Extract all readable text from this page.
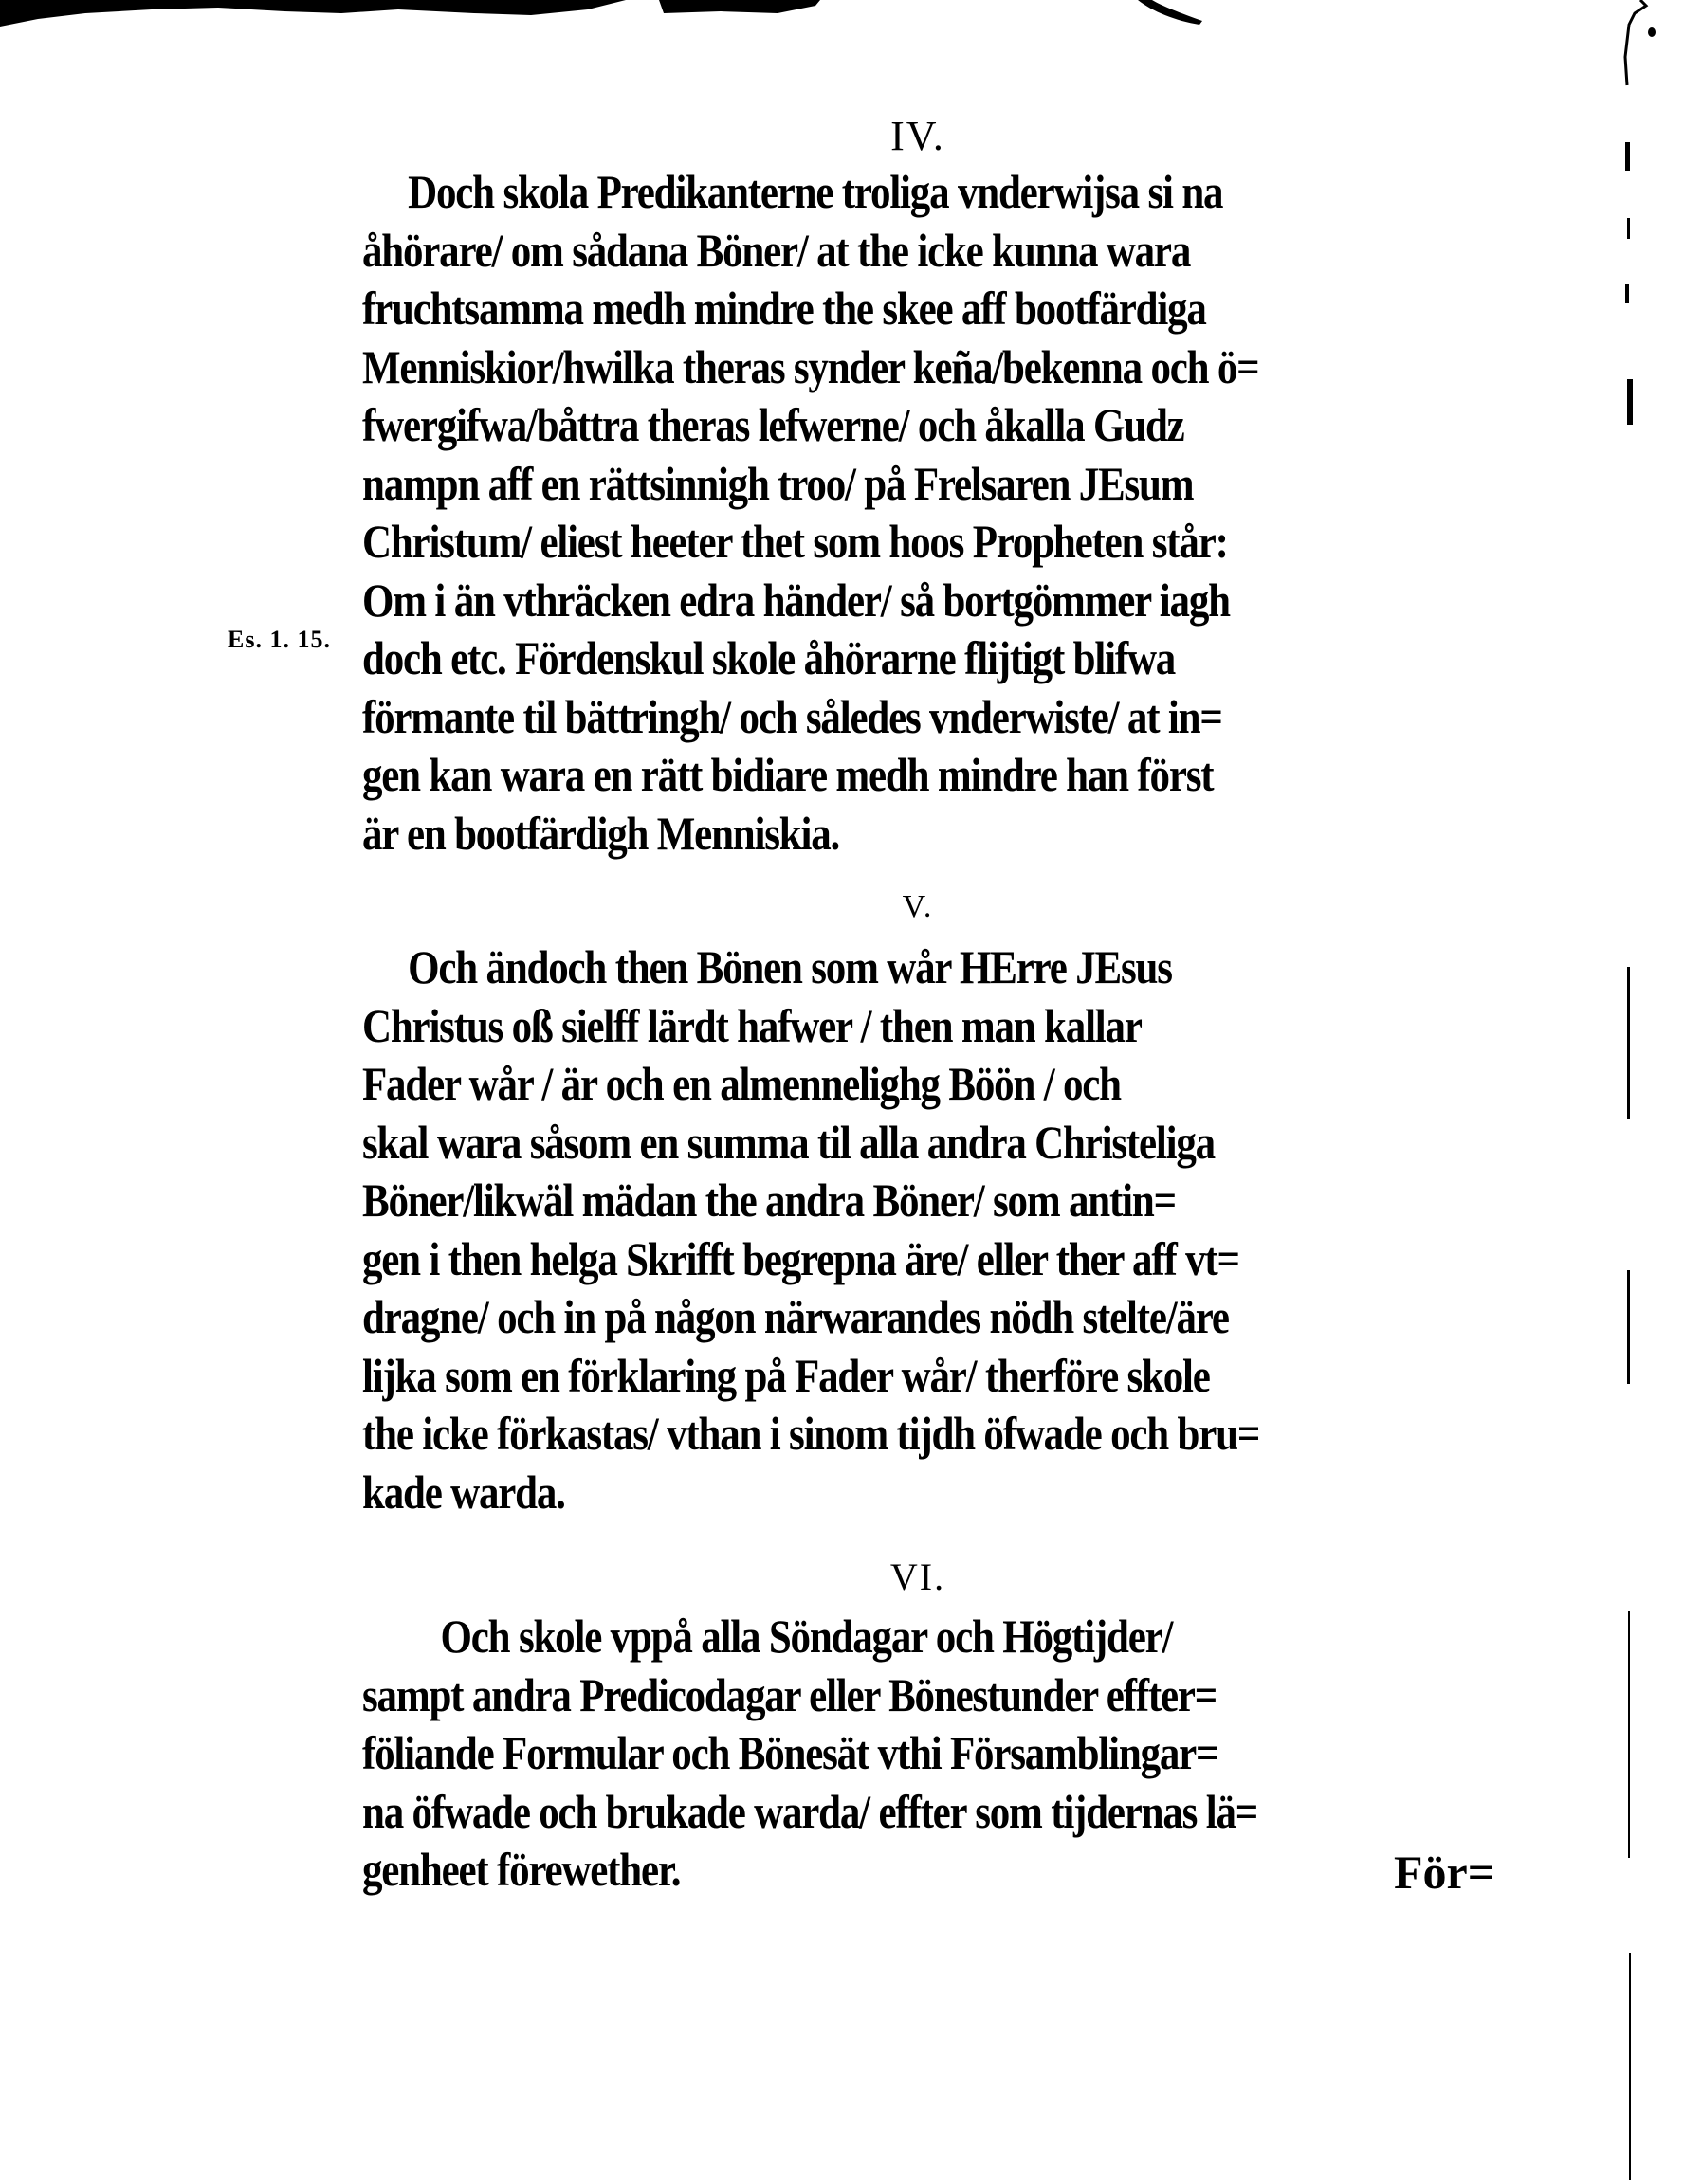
Es. 1. 15.
IV.
Doch skola Predikanterne troliga vnderwijsa si na
åhörare/ om sådana Böner/ at the icke kunna wara
fruchtsamma medh mindre the skee aff bootfärdiga
Menniskior/hwilka theras synder keñа/bekenna och ö=
fwergifwa/båttra theras lefwerne/ och åkalla Gudz
nampn aff en rättsinnigh troo/ på Frelsaren JEsum
Christum/ eliest heeter thet som hoos Propheten står:
Om i än vthräcken edra händer/ så bortgömmer iagh
doch etc. Fördenskul skole åhörarne flijtigt blifwa
förmante til bättringh/ och således vnderwiste/ at in=
gen kan wara en rätt bidiare medh mindre han först
är en bootfärdigh Menniskia.
V.
Och ändoch then Bönen som wår HErre JEsus
Christus oß sielff lärdt hafwer / then man kallar
Fader wår / är och en almennelighg Böön / och
skal wara såsom en summa til alla andra Christeliga
Böner/likwäl mädan the andra Böner/ som antin=
gen i then helga Skrifft begrepna äre/ eller ther aff vt=
dragne/ och in på någon närwarandes nödh stelte/äre
lijka som en förklaring på Fader wår/ therföre skole
the icke förkastas/ vthan i sinom tijdh öfwade och bru=
kade warda.
VI.
Och skole vppå alla Söndagar och Högtijder/
sampt andra Predicodagar eller Bönestunder effter=
föliande Formular och Bönesät vthi Församblingar=
na öfwade och brukade warda/ effter som tijdernas lä=
genheet förewether.	För=
